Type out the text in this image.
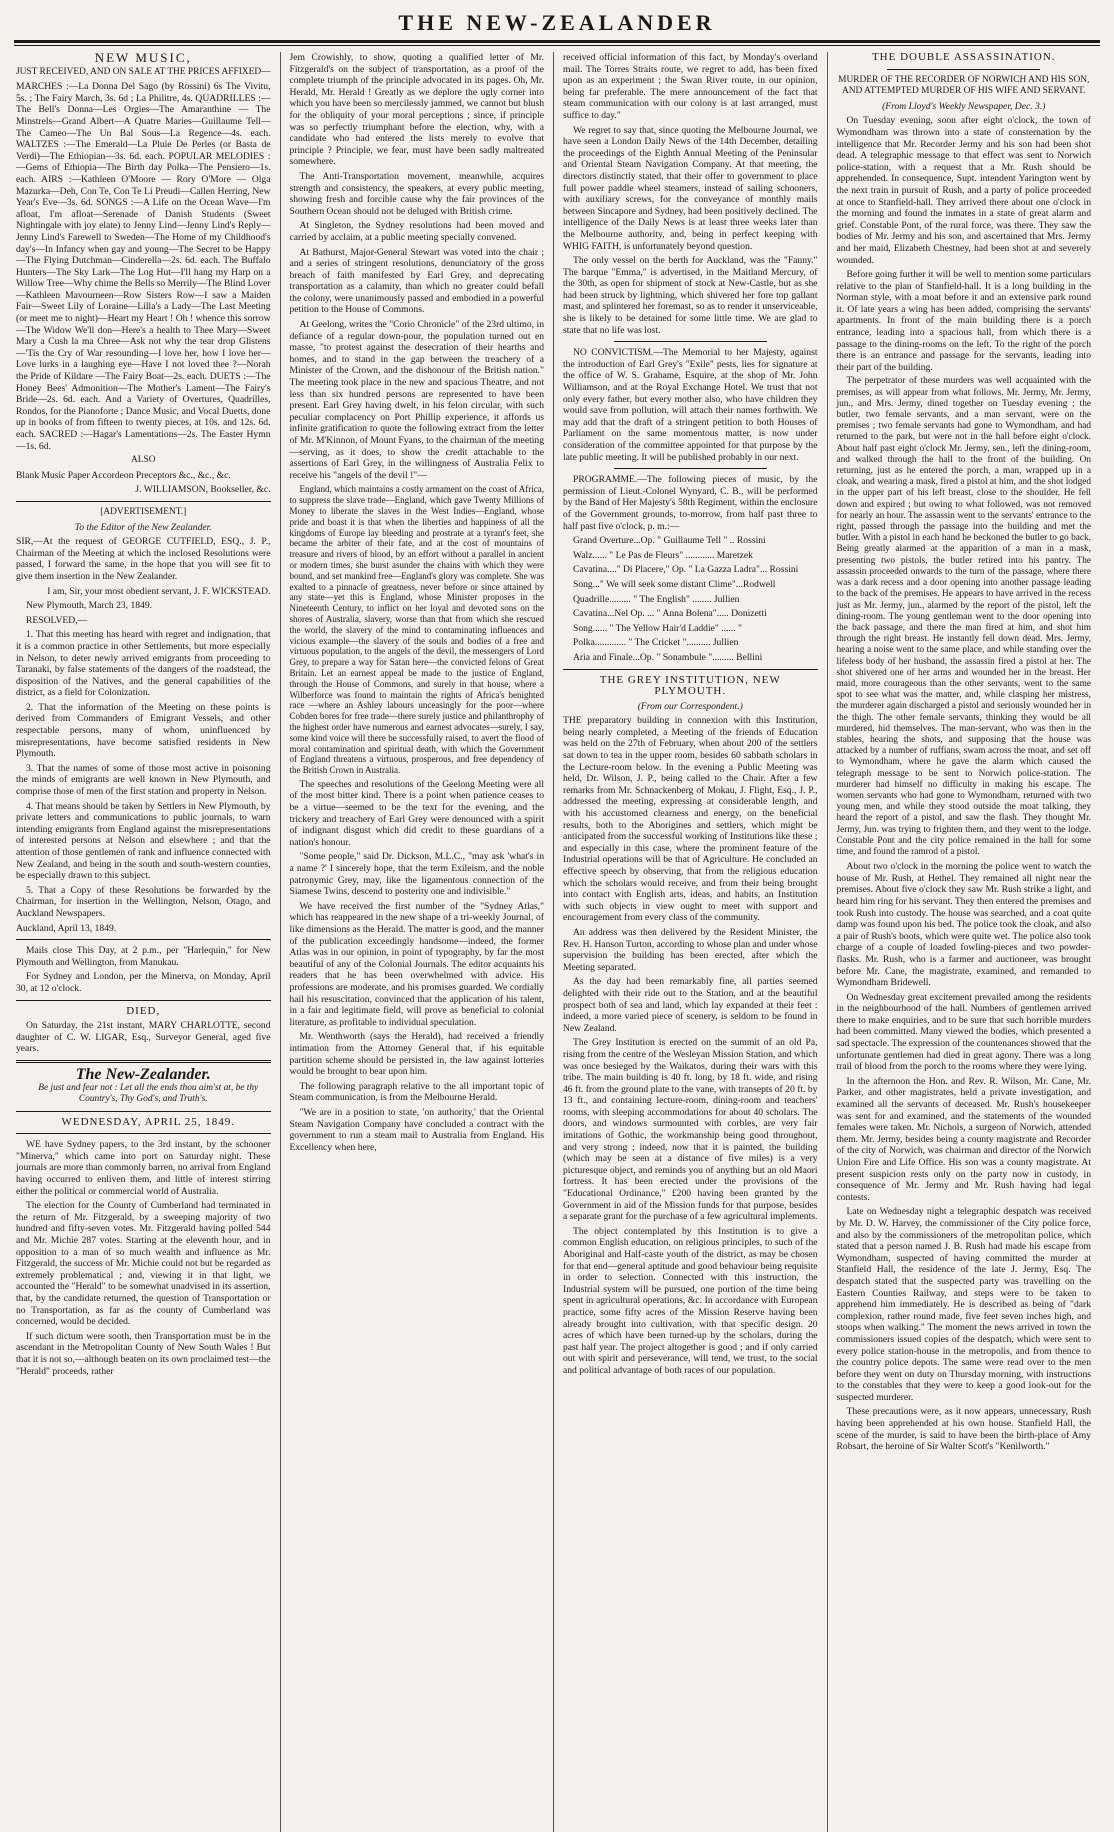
THE NEW-ZEALANDER

NEW MUSIC,

JUST RECEIVED, AND ON SALE AT THE PRICES AFFIXED—

MARCHES :—La Donna Del Sago (by Rossini) 6s The Vivitu, 5s. ; The Fairy March, 3s. 6d ; La Philitre, 4s. QUADRILLES :—The Bell's Donna—Les Orgies—The Amaranthine — The Minstrels—Grand Albert—A Quatre Maries—Guillaume Tell—The Cameo—The Un Bal Sous—La Regence—4s. each. WALTZES :—The Emerald—La Pluie De Perles (or Basta de Verdi)—The Ethiopian—3s. 6d. each. POPULAR MELODIES :—Gems of Ethiopia—The Birth day Polka—The Pensiero—1s. each. AIRS :—Kathleen O'Moore — Rory O'More — Olga Mazurka—Deh, Con Te, Con Te Li Preudi—Callen Herring, New Year's Eve—3s. 6d. SONGS :—A Life on the Ocean Wave—I'm afloat, I'm afloat—Serenade of Danish Students (Sweet Nightingale with joy elate) to Jenny Lind—Jenny Lind's Reply—Jenny Lind's Farewell to Sweden—The Home of my Childhood's day's—In Infancy when gay and young—The Secret to be Happy—The Flying Dutchman—Cinderella—2s. 6d. each. The Buffalo Hunters—The Sky Lark—The Log Hut—I'll hang my Harp on a Willow Tree—Why chime the Bells so Merrily—The Blind Lover—Kathleen Mavourneen—Row Sisters Row—I saw a Maiden Fair—Sweet Lily of Loraine—Lilla's a Lady—The Last Meeting (or meet me to night)—Heart my Heart ! Oh ! whence this sorrow—The Widow We'll don—Here's a health to Thee Mary—Sweet Mary a Cush la ma Chree—Ask not why the tear drop Glistens—'Tis the Cry of War resounding—I love her, how I love her—Love lurks in a laughing eye—Have I not loved thee ?—Norah the Pride of Kildare —The Fairy Boat—2s. each. DUETS :—The Honey Bees' Admonition—The Mother's Lament—The Fairy's Bride—2s. 6d. each. And a Variety of Overtures, Quadrilles, Rondos, for the Pianoforte ; Dance Music, and Vocal Duetts, done up in books of from fifteen to twenty pieces, at 10s. and 12s. 6d. each. SACRED :—Hagar's Lamentations—2s. The Easter Hymn—1s. 6d.

ALSO

Blank Music Paper Accordeon Preceptors &c., &c., &c.

J. WILLIAMSON, Bookseller, &c.

[ADVERTISEMENT.]

To the Editor of the New Zealander.

SIR,—At the request of GEORGE CUTFIELD, ESQ., J. P., Chairman of the Meeting at which the inclosed Resolutions were passed, I forward the same, in the hope that you will see fit to give them insertion in the New Zealander.

I am, Sir, your most obedient servant, J. F. WICKSTEAD.

New Plymouth, March 23, 1849.

RESOLVED,—

1. That this meeting has heard with regret and indignation, that it is a common practice in other Settlements, but more especially in Nelson, to deter newly arrived emigrants from proceeding to Taranaki, by false statements of the dangers of the roadstead, the disposition of the Natives, and the general capabilities of the district, as a field for Colonization.

2. That the information of the Meeting on these points is derived from Commanders of Emigrant Vessels, and other respectable persons, many of whom, uninfluenced by misrepresentations, have become satisfied residents in New Plymouth.

3. That the names of some of those most active in poisoning the minds of emigrants are well known in New Plymouth, and comprise those of men of the first station and property in Nelson.

4. That means should be taken by Settlers in New Plymouth, by private letters and communications to public journals, to warn intending emigrants from England against the misrepresentations of interested persons at Nelson and elsewhere ; and that the attention of those gentlemen of rank and influence connected with New Zealand, and being in the south and south-western counties, be especially drawn to this subject.

5. That a Copy of these Resolutions be forwarded by the Chairman, for insertion in the Wellington, Nelson, Otago, and Auckland Newspapers.

Auckland, April 13, 1849.

Mails close This Day, at 2 p.m., per "Harlequin," for New Plymouth and Wellington, from Manukau.

For Sydney and London, per the Minerva, on Monday, April 30, at 12 o'clock.

DIED,

On Saturday, the 21st instant, MARY CHARLOTTE, second daughter of C. W. LIGAR, Esq., Surveyor General, aged five years.

The New-Zealander.

Be just and fear not : Let all the ends thou aim'st at, be thy Country's, Thy God's, and Truth's.

WEDNESDAY, APRIL 25, 1849.

WE have Sydney papers, to the 3rd instant, by the schooner "Minerva," which came into port on Saturday night. These journals are more than commonly barren, no arrival from England having occurred to enliven them, and little of interest stirring either the political or commercial world of Australia.

The election for the County of Cumberland had terminated in the return of Mr. Fitzgerald, by a sweeping majority of two hundred and fifty-seven votes. Mr. Fitzgerald having polled 544 and Mr. Michie 287 votes. Starting at the eleventh hour, and in opposition to a man of so much wealth and influence as Mr. Fitzgerald, the success of Mr. Michie could not but be regarded as extremely problematical ; and, viewing it in that light, we accounted the "Herald" to be somewhat unadvised in its assertion, that, by the candidate returned, the question of Transportation or no Transportation, as far as the county of Cumberland was concerned, would be decided.

If such dictum were sooth, then Transportation must be in the ascendant in the Metropolitan County of New South Wales ! But that it is not so,—although beaten on its own proclaimed test—the "Herald" proceeds, rather

Jem Crowishly, to show, quoting a qualified letter of Mr. Fitzgerald's on the subject of transportation, as a proof of the complete triumph of the principle advocated in its pages. Oh, Mr. Herald, Mr. Herald ! Greatly as we deplore the ugly corner into which you have been so mercilessly jammed, we cannot but blush for the obliquity of your moral perceptions ; since, if principle was so perfectly triumphant before the election, why, with a candidate who had entered the lists merely to evolve that principle ? Principle, we fear, must have been sadly maltreated somewhere.

The Anti-Transportation movement, meanwhile, acquires strength and consistency, the speakers, at every public meeting, showing fresh and forcible cause why the fair provinces of the Southern Ocean should not be deluged with British crime.

At Singleton, the Sydney resolutions had been moved and carried by acclaim, at a public meeting specially convened.

At Bathurst, Major-General Stewart was voted into the chair ; and a series of stringent resolutions, denunciatory of the gross breach of faith manifested by Earl Grey, and deprecating transportation as a calamity, than which no greater could befall the colony, were unanimously passed and embodied in a powerful petition to the House of Commons.

At Geelong, writes the "Corio Chronicle" of the 23rd ultimo, in defiance of a regular down-pour, the population turned out en masse, "to protest against the desecration of their hearths and homes, and to stand in the gap between the treachery of a Minister of the Crown, and the dishonour of the British nation." The meeting took place in the new and spacious Theatre, and not less than six hundred persons are represented to have been present. Earl Grey having dwelt, in his felon circular, with such peculiar complacency on Port Phillip experience, it affords us infinite gratification to quote the following extract from the letter of Mr. M'Kinnon, of Mount Fyans, to the chairman of the meeting—serving, as it does, to show the credit attachable to the assertions of Earl Grey, in the willingness of Australia Felix to receive his "angels of the devil !"—

England, which maintains a costly armament on the coast of Africa, to suppress the slave trade—England, which gave Twenty Millions of Money to liberate the slaves in the West Indies—England, whose pride and boast it is that when the liberties and happiness of all the kingdoms of Europe lay bleeding and prostrate at a tyrant's feet, she became the arbiter of their fate, and at the cost of mountains of treasure and rivers of blood, by an effort without a parallel in ancient or modern times, she burst asunder the chains with which they were bound, and set mankind free—England's glory was complete. She was exalted to a pinnacle of greatness, never before or since attained by any state—yet this is England, whose Minister proposes in the Nineteenth Century, to inflict on her loyal and devoted sons on the shores of Australia, slavery, worse than that from which she rescued the world, the slavery of the mind to contaminating influences and vicious example—the slavery of the souls and bodies of a free and virtuous population, to the angels of the devil, the messengers of Lord Grey, to prepare a way for Satan here—the convicted felons of Great Britain. Let an earnest appeal be made to the justice of England, through the House of Commons, and surely in that house, where a Wilberforce was found to maintain the rights of Africa's benighted race —where an Ashley labours unceasingly for the poor—where Cobden bores for free trade—there surely justice and philanthrophy of the highest order have numerous and earnest advocates—surely, I say, some kind voice will there be successfully raised, to avert the flood of moral contamination and spiritual death, with which the Government of England threatens a virtuous, prosperous, and free dependency of the British Crown in Australia.

The speeches and resolutions of the Geelong Meeting were all of the most bitter kind. There is a point when patience ceases to be a virtue—seemed to be the text for the evening, and the trickery and treachery of Earl Grey were denounced with a spirit of indignant disgust which did credit to these guardians of a nation's honour.

"Some people," said Dr. Dickson, M.L.C., "may ask 'what's in a name ?' I sincerely hope, that the term Exileism, and the noble patronymic Grey, may, like the ligamentous connection of the Siamese Twins, descend to posterity one and indivisible."

We have received the first number of the "Sydney Atlas," which has reappeared in the new shape of a tri-weekly Journal, of like dimensions as the Herald. The matter is good, and the manner of the publication exceedingly handsome—indeed, the former Atlas was in our opinion, in point of typography, by far the most beautiful of any of the Colonial Journals. The editor acquaints his readers that he has been overwhelmed with advice. His professions are moderate, and his promises guarded. We cordially hail his resuscitation, convinced that the application of his talent, in a fair and legitimate field, will prove as beneficial to colonial literature, as profitable to individual speculation.

Mr. Wenthworth (says the Herald), had received a friendly intimation from the Attorney General that, if his equitable partition scheme should be persisted in, the law against lotteries would be brought to bear upon him.

The following paragraph relative to the all important topic of Steam communication, is from the Melbourne Herald.

"We are in a position to state, 'on authority,' that the Oriental Steam Navigation Company have concluded a contract with the government to run a steam mail to Australia from England. His Excellency when here,

received official information of this fact, by Monday's overland mail. The Torres Straits route, we regret to add, has been fixed upon as an experiment ; the Swan River route, in our opinion, being far preferable. The mere announcement of the fact that steam communication with our colony is at last arranged, must suffice to day."

We regret to say that, since quoting the Melbourne Journal, we have seen a London Daily News of the 14th December, detailing the proceedings of the Eighth Annual Meeting of the Peninsular and Oriental Steam Navigation Company. At that meeting, the directors distinctly stated, that their offer to government to place full power paddle wheel steamers, instead of sailing schooners, with auxiliary screws, for the conveyance of monthly mails between Sincapore and Sydney, had been positively declined. The intelligence of the Daily News is at least three weeks later than the Melbourne authority, and, being in perfect keeping with WHIG FAITH, is unfortunately beyond question.

The only vessel on the berth for Auckland, was the "Fanny." The barque "Emma," is advertised, in the Maitland Mercury, of the 30th, as open for shipment of stock at New-Castle, but as she had been struck by lightning, which shivered her fore top gallant mast, and splintered her foremast, so as to render it unserviceable, she is likely to be detained for some little time. We are glad to state that no life was lost.

NO CONVICTISM.—The Memorial to her Majesty, against the introduction of Earl Grey's "Exile" pests, lies for signature at the office of W. S. Grahame, Esquire, at the shop of Mr. John Williamson, and at the Royal Exchange Hotel. We trust that not only every father, but every mother also, who have children they would save from pollution, will attach their names forthwith. We may add that the draft of a stringent petition to both Houses of Parliament on the same momentous matter, is now under consideration of the committee appointed for that purpose by the late public meeting. It will be published probably in our next.

PROGRAMME.—The following pieces of music, by the permission of Lieut.-Colonel Wynyard, C. B., will be performed by the Band of Her Majesty's 58th Regiment, within the enclosure of the Government grounds, to-morrow, from half past three to half past five o'clock, p. m.:—

Grand Overture...Op. " Guillaume Tell " .. Rossini

Walz...... " Le Pas de Fleurs" ............ Maretzek

Cavatina...." Di Placere," Op. " La Gazza Ladra"... Rossini

Song..." We will seek some distant Clime"...Rodwell

Quadrille......... " The English" ........ Jullien

Cavatina...Nel Op. ... " Anna Bolena"..... Donizetti

Song...... " The Yellow Hair'd Laddie" ...... "

Polka............. " The Cricket ".......... Jullien

Aria and Finale...Op. " Sonambule "......... Bellini

THE GREY INSTITUTION, NEW PLYMOUTH.

(From our Correspondent.)

THE preparatory building in connexion with this Institution, being nearly completed, a Meeting of the friends of Education was held on the 27th of February, when about 200 of the settlers sat down to tea in the upper room, besides 60 sabbath scholars in the Lecture-room below. In the evening a Public Meeting was held, Dr. Wilson, J. P., being called to the Chair. After a few remarks from Mr. Schnackenberg of Mokau, J. Flight, Esq., J. P., addressed the meeting, expressing at considerable length, and with his accustomed clearness and energy, on the beneficial results, both to the Aborigines and settlers, which might be anticipated from the successful working of Institutions like these ; and especially in this case, where the prominent feature of the Industrial operations will be that of Agriculture. He concluded an effective speech by observing, that from the religious education which the scholars would receive, and from their being brought into contact with English arts, ideas, and habits, an Institution with such objects in view ought to meet with support and encouragement from every class of the community.

An address was then delivered by the Resident Minister, the Rev. H. Hanson Turton, according to whose plan and under whose supervision the building has been erected, after which the Meeting separated.

As the day had been remarkably fine, all parties seemed delighted with their ride out to the Station, and at the beautiful prospect both of sea and land, which lay expanded at their feet : indeed, a more varied piece of scenery, is seldom to be found in New Zealand.

The Grey Institution is erected on the summit of an old Pa, rising from the centre of the Wesleyan Mission Station, and which was once besieged by the Waikatos, during their wars with this tribe. The main building is 40 ft. long, by 18 ft. wide, and rising 46 ft. from the ground plate to the vane, with transepts of 20 ft. by 13 ft., and containing lecture-room, dining-room and teachers' rooms, with sleeping accommodations for about 40 scholars. The doors, and windows surmounted with corbles, are very fair imitations of Gothic, the workmanship being good throughout, and very strong ; indeed, now that it is painted, the building (which may be seen at a distance of five miles) is a very picturesque object, and reminds you of anything but an old Maori fortress. It has been erected under the provisions of the "Educational Ordinance," £200 having been granted by the Government in aid of the Mission funds for that purpose, besides a separate grant for the purchase of a few agricultural implements.

The object contemplated by this Institution is to give a common English education, on religious principles, to such of the Aboriginal and Half-caste youth of the district, as may be chosen for that end—general aptitude and good behaviour being requisite in order to selection. Connected with this instruction, the Industrial system will be pursued, one portion of the time being spent in agricultural operations, &c. In accordance with European practice, some fifty acres of the Mission Reserve having been already brought into cultivation, with that specific design. 20 acres of which have been turned-up by the scholars, during the past half year. The project altogether is good ; and if only carried out with spirit and perseverance, will tend, we trust, to the social and political advantage of both races of our population.

THE DOUBLE ASSASSINATION.

MURDER OF THE RECORDER OF NORWICH AND HIS SON, AND ATTEMPTED MURDER OF HIS WIFE AND SERVANT.

(From Lloyd's Weekly Newspaper, Dec. 3.)

On Tuesday evening, soon after eight o'clock, the town of Wymondham was thrown into a state of consternation by the intelligence that Mr. Recorder Jermy and his son had been shot dead. A telegraphic message to that effect was sent to Norwich police-station, with a request that a Mr. Rush should be apprehended. In consequence, Supt. intendent Yarington went by the next train in pursuit of Rush, and a party of police proceeded at once to Stanfield-hall. They arrived there about one o'clock in the morning and found the inmates in a state of great alarm and grief. Constable Pont, of the rural force, was there. They saw the bodies of Mr. Jermy and his son, and ascertained that Mrs. Jermy and her maid, Elizabeth Chestney, had been shot at and severely wounded.

Before going further it will be well to mention some particulars relative to the plan of Stanfield-hall. It is a long building in the Norman style, with a moat before it and an extensive park round it. Of late years a wing has been added, comprising the servants' apartments. In front of the main building there is a porch entrance, leading into a spacious hall, from which there is a passage to the dining-rooms on the left. To the right of the porch there is an entrance and passage for the servants, leading into their part of the building.

The perpetrator of these murders was well acquainted with the premises, as will appear from what follows. Mr. Jermy, Mr. Jermy, jun., and Mrs. Jermy, dined together on Tuesday evening ; the butler, two female servants, and a man servant, were on the premises ; two female servants had gone to Wymondham, and had returned to the park, but were not in the hall before eight o'clock. About half past eight o'clock Mr. Jermy, sen., left the dining-room, and walked through the hall to the front of the building. On returning, just as he entered the porch, a man, wrapped up in a cloak, and wearing a mask, fired a pistol at him, and the shot lodged in the upper part of his left breast, close to the shoulder. He fell down and expired ; but owing to what followed, was not removed for nearly an hour. The assassin went to the servants' entrance to the right, passed through the passage into the building and met the butler. With a pistol in each hand he beckoned the butler to go back. Being greatly alarmed at the apparition of a man in a mask, presenting two pistols, the butler retired into his pantry. The assassin proceeded onwards to the turn of the passage, where there was a dark recess and a door opening into another passage leading to the back of the premises. He appears to have arrived in the recess just as Mr. Jermy, jun., alarmed by the report of the pistol, left the dining-room. The young gentleman went to the door opening into the back passage, and there the man fired at him, and shot him through the right breast. He instantly fell down dead. Mrs. Jermy, hearing a noise went to the same place, and while standing over the lifeless body of her husband, the assassin fired a pistol at her. The shot shivered one of her arms and wounded her in the breast. Her maid, more courageous than the other servants, went to the same spot to see what was the matter, and, while clasping her mistress, the murderer again discharged a pistol and seriously wounded her in the thigh. The other female servants, thinking they would be all murdered, hid themselves. The man-servant, who was then in the stables, hearing the shots, and supposing that the house was attacked by a number of ruffians, swam across the moat, and set off to Wymondham, where he gave the alarm which caused the telegraph message to be sent to Norwich police-station. The murderer had himself no difficulty in making his escape. The women servants who had gone to Wymondham, returned with two young men, and while they stood outside the moat talking, they heard the report of a pistol, and saw the flash. They thought Mr. Jermy, Jun. was trying to frighten them, and they went to the lodge. Constable Pont and the city police remained in the hall for some time, and found the ramrod of a pistol.

About two o'clock in the morning the police went to watch the house of Mr. Rush, at Hethel. They remained all night near the premises. About five o'clock they saw Mr. Rush strike a light, and heard him ring for his servant. They then entered the premises and took Rush into custody. The house was searched, and a coat quite damp was found upon his bed. The police took the cloak, and also a pair of Rush's boots, which were quite wet. The police also took charge of a couple of loaded fowling-pieces and two powder-flasks. Mr. Rush, who is a farmer and auctioneer, was brought before Mr. Cane, the magistrate, examined, and remanded to Wymondham Bridewell.

On Wednesday great excitement prevailed among the residents in the neighbourhood of the hall. Numbers of gentlemen arrived there to make enquiries, and to be sure that such horrible murders had been committed. Many viewed the bodies, which presented a sad spectacle. The expression of the countenances showed that the unfortunate gentlemen had died in great agony. There was a long trail of blood from the porch to the rooms where they were lying.

In the afternoon the Hon. and Rev. R. Wilson, Mr. Cane, Mr. Parker, and other magistrates, held a private investigation, and examined all the servants of deceased. Mr. Rush's housekeeper was sent for and examined, and the statements of the wounded females were taken. Mr. Nichols, a surgeon of Norwich, attended them. Mr. Jermy, besides being a county magistrate and Recorder of the city of Norwich, was chairman and director of the Norwich Union Fire and Life Office. His son was a county magistrate. At present suspicion rests only on the party now in custody, in consequence of Mr. Jermy and Mr. Rush having had legal contests.

Late on Wednesday night a telegraphic despatch was received by Mr. D. W. Harvey, the commissioner of the City police force, and also by the commissioners of the metropolitan police, which stated that a person named J. B. Rush had made his escape from Wymondham, suspected of having committed the murder at Stanfield Hall, the residence of the late J. Jermy, Esq. The despatch stated that the suspected party was travelling on the Eastern Counties Railway, and steps were to be taken to apprehend him immediately. He is described as being of "dark complexion, rather round made, five feet seven inches high, and stoops when walking." The moment the news arrived in town the commissioners issued copies of the despatch, which were sent to every police station-house in the metropolis, and from thence to the country police depots. The same were read over to the men before they went on duty on Thursday morning, with instructions to the constables that they were to keep a good look-out for the suspected murderer.

These precautions were, as it now appears, unnecessary, Rush having been apprehended at his own house. Stanfield Hall, the scene of the murder, is said to have been the birth-place of Amy Robsart, the heroine of Sir Walter Scott's "Kenilworth."
